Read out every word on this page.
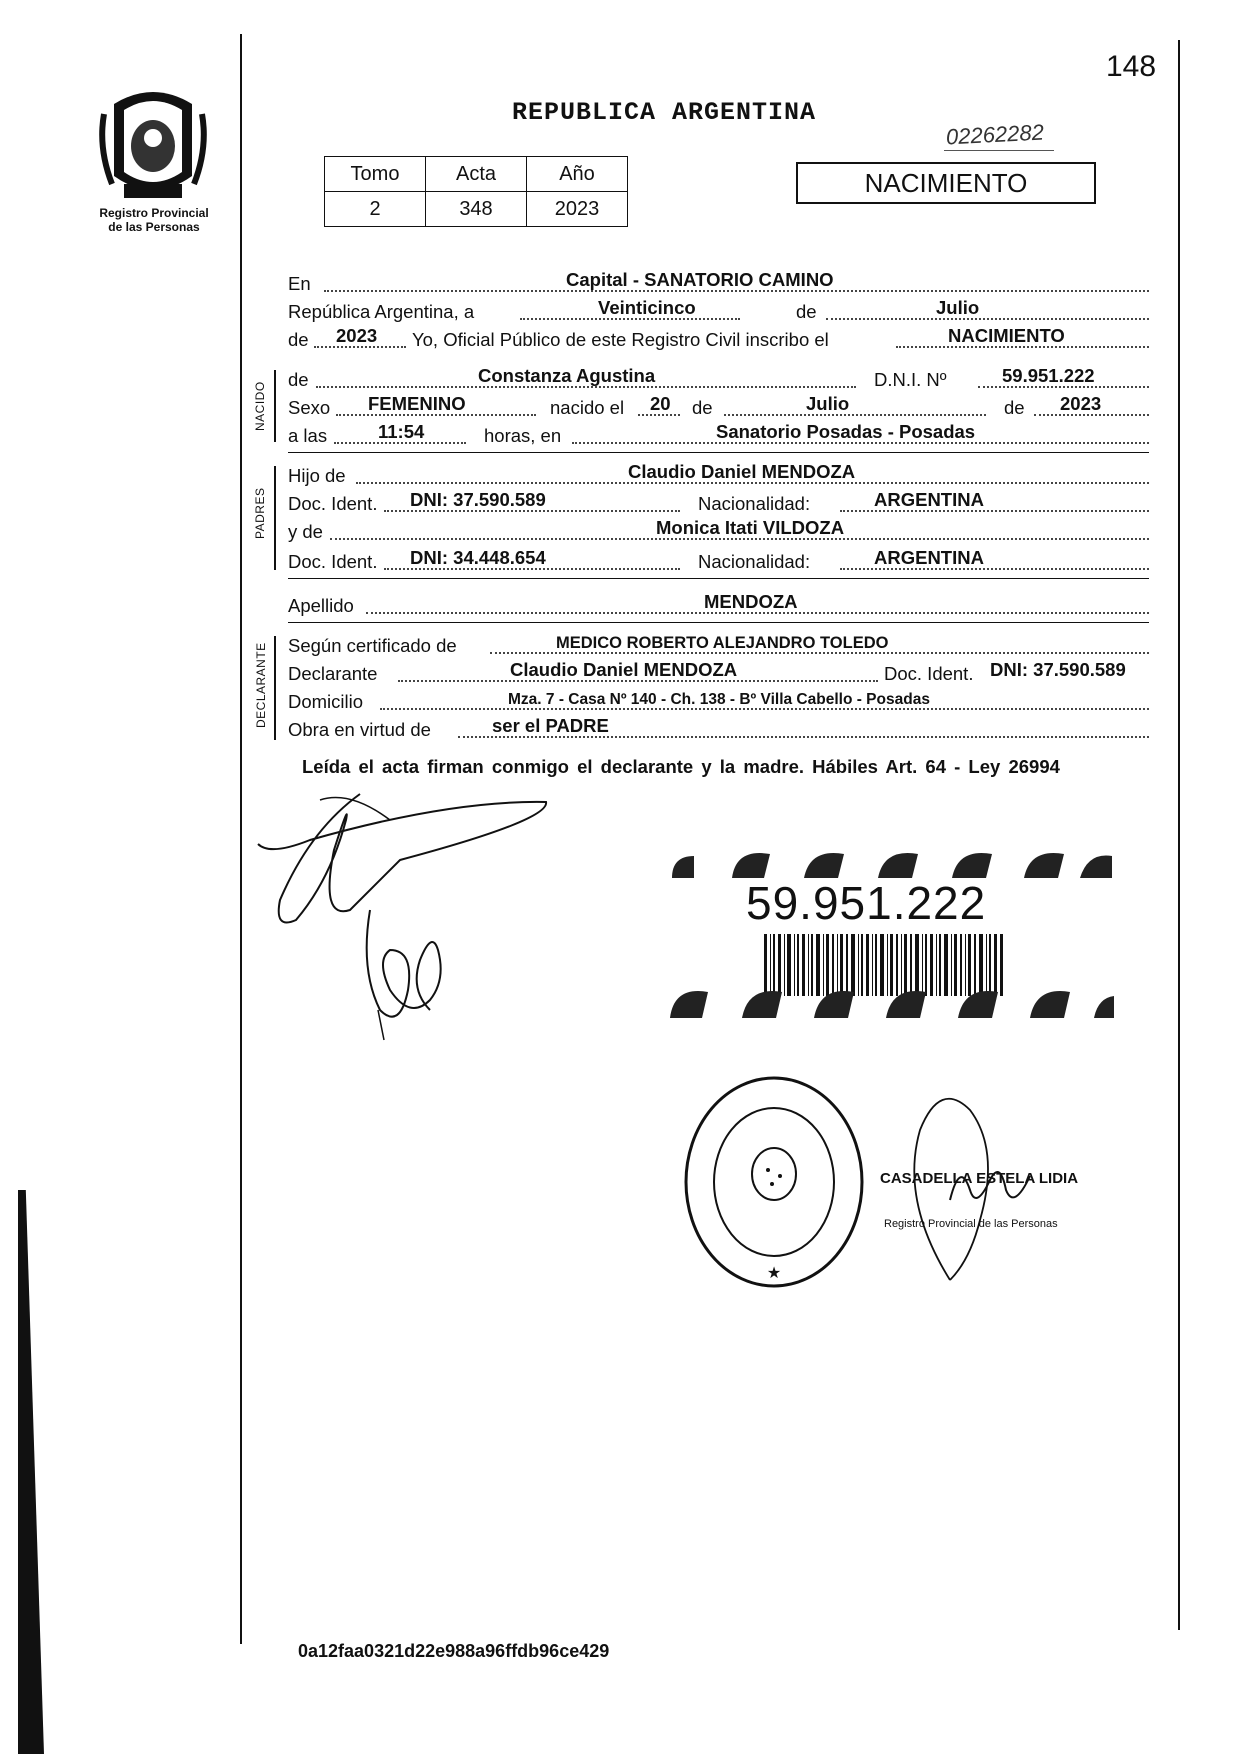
148
Registro Provincial
de las Personas
REPUBLICA ARGENTINA
02262282
Tomo	Acta	Año
2	348	2023
NACIMIENTO
En	Capital - SANATORIO CAMINO
República Argentina, a	Veinticinco	de	Julio
de 2023 Yo, Oficial Público de este Registro Civil inscribo el	NACIMIENTO
NACIDO
de	Constanza Agustina	D.N.I. Nº	59.951.222
Sexo FEMENINO	nacido el 20 de	Julio	de 2023
a las	11:54	horas, en	Sanatorio Posadas - Posadas
PADRES
Hijo de	Claudio Daniel MENDOZA
Doc. Ident. DNI: 37.590.589	Nacionalidad:	ARGENTINA
y de	Monica Itati VILDOZA
Doc. Ident. DNI: 34.448.654	Nacionalidad:	ARGENTINA
Apellido	MENDOZA
DECLARANTE Según certificado de	MEDICO ROBERTO ALEJANDRO TOLEDO
Declarante	Claudio Daniel MENDOZA	Doc. Ident. DNI: 37.590.589
Domicilio	Mza. 7 - Casa Nº 140 - Ch. 138 - Bº Villa Cabello - Posadas
Obra en virtud de	ser el PADRE
Leída el acta firman conmigo el declarante y la madre. Hábiles Art. 64 - Ley 26994
59.951.222
★
CASADELLA ESTELA LIDIA
Registro Provincial de las Personas
0a12faa0321d22e988a96ffdb96ce429
